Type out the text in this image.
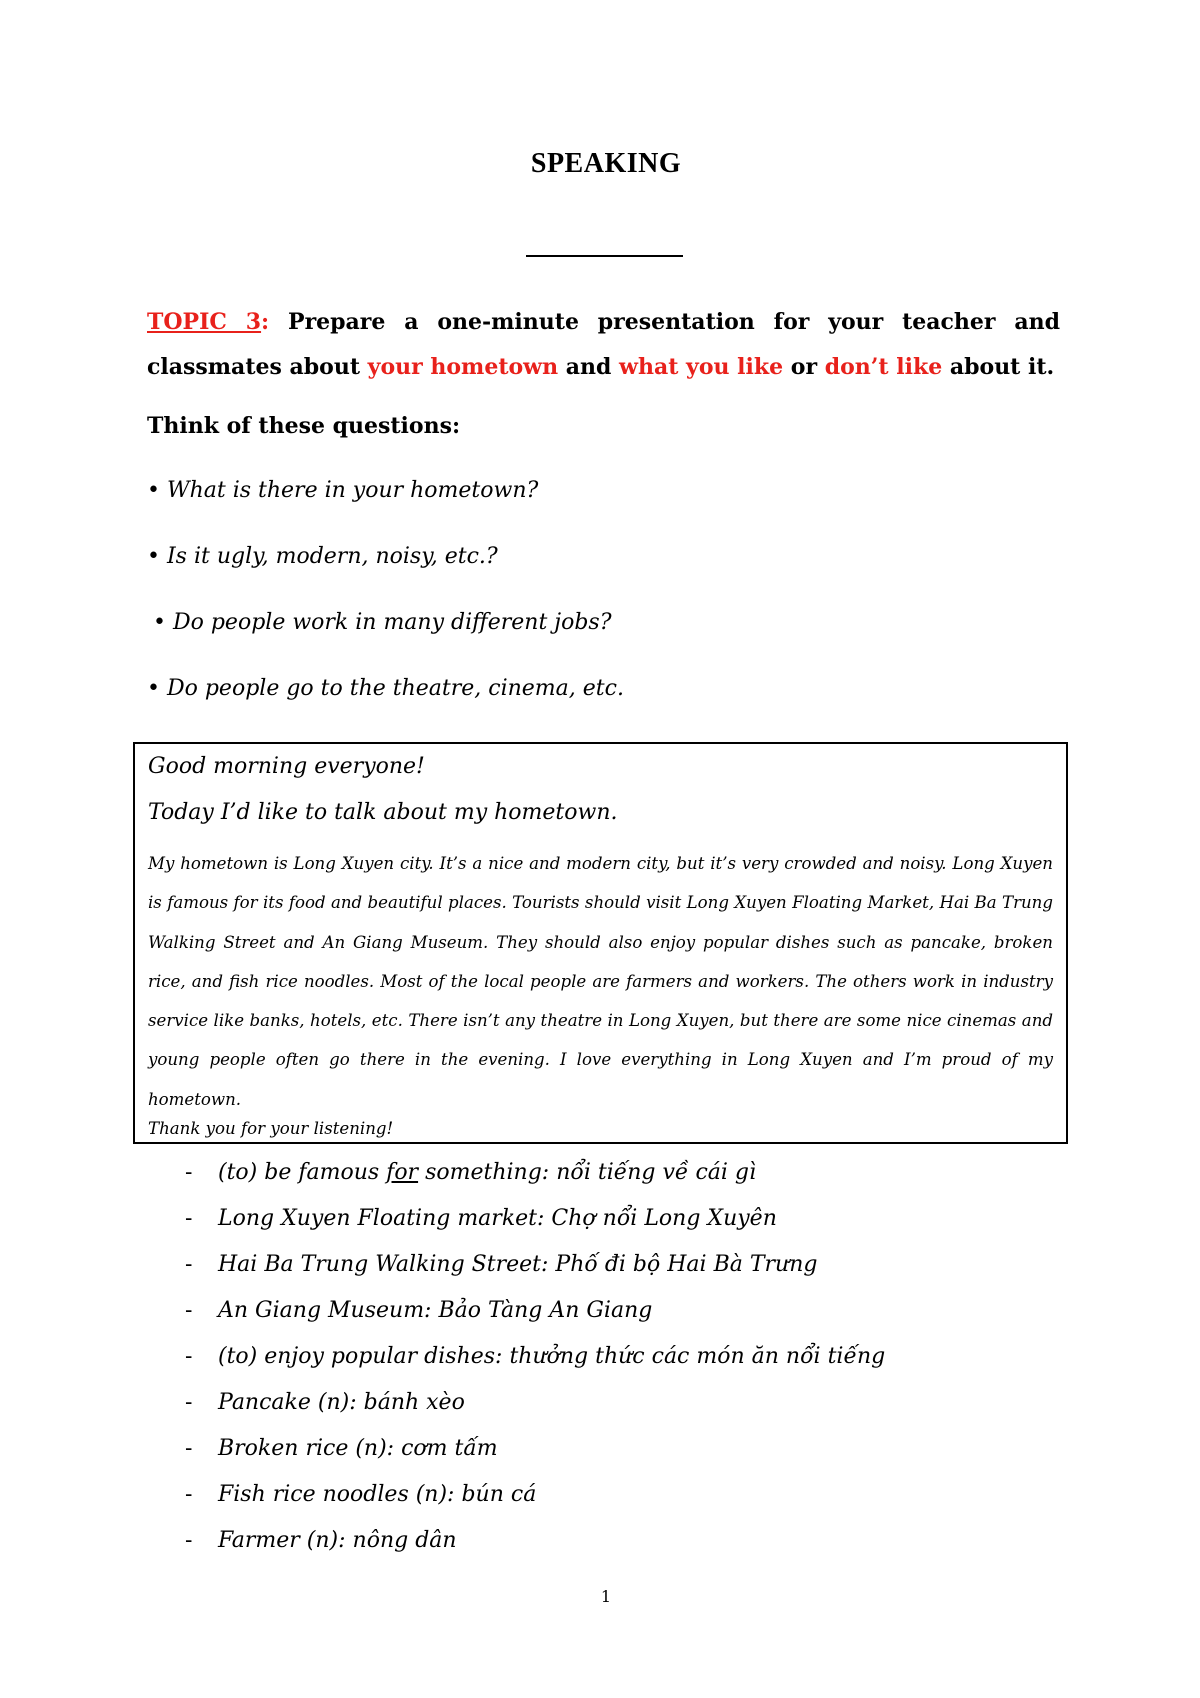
SPEAKING
TOPIC 3: Prepare a one-minute presentation for your teacher and classmates about your hometown and what you like or don’t like about it.
Think of these questions:
• What is there in your hometown?
• Is it ugly, modern, noisy, etc.?
• Do people work in many different jobs?
• Do people go to the theatre, cinema, etc.
Good morning everyone!
Today I’d like to talk about my hometown.
My hometown is Long Xuyen city. It’s a nice and modern city, but it’s very crowded and noisy. Long Xuyen is famous for its food and beautiful places. Tourists should visit Long Xuyen Floating Market, Hai Ba Trung Walking Street and An Giang Museum. They should also enjoy popular dishes such as pancake, broken rice, and fish rice noodles. Most of the local people are farmers and workers. The others work in industry service like banks, hotels, etc. There isn’t any theatre in Long Xuyen, but there are some nice cinemas and young people often go there in the evening. I love everything in Long Xuyen and I’m proud of my hometown.
Thank you for your listening!
- (to) be famous for something: nổi tiếng về cái gì
- Long Xuyen Floating market: Chợ nổi Long Xuyên
- Hai Ba Trung Walking Street: Phố đi bộ Hai Bà Trưng
- An Giang Museum: Bảo Tàng An Giang
- (to) enjoy popular dishes: thưởng thức các món ăn nổi tiếng
- Pancake (n): bánh xèo
- Broken rice (n): cơm tấm
- Fish rice noodles (n): bún cá
- Farmer (n): nông dân
1
